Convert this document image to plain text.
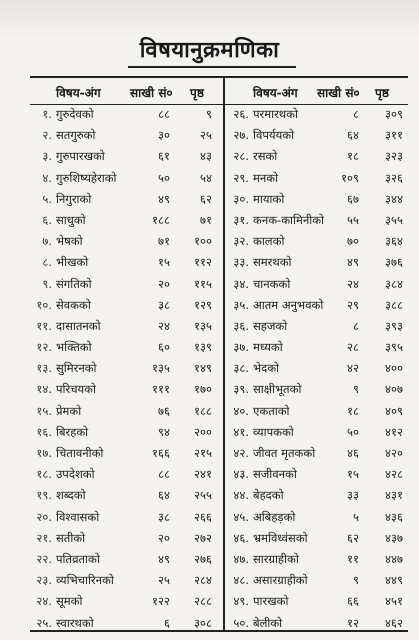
विषयानुक्रमणिका
विषय-अंग साखी सं० पृष्ठ	विषय-अंग साखी सं० पृष्ठ
१. गुरुदेवको	८८	९
२. सतगुरुको	३०	२५
३. गुरुपारखको	६१	४३
४. गुरुशिष्यहेराको	५०	५४
५. निगुराको	४९	६२
६. साधुको	१८८	७१
७. भेषको	७१	१००
८. भीखको	१५	११२
९. संगतिको	२०	११५
१०. सेवकको	३८	१२९
११. दासातनको	२४	१३५
१२. भक्तिको	६०	१३९
१३. सुमिरनको	१३५	१४९
१४. परिचयको	१११	१७०
१५. प्रेमको	७६	१८८
१६. बिरहको	९४	२००
१७. चितावनीको	१६६	२१५
१८. उपदेशको	८८	२४१
१९. शब्दको	६४	२५५
२०. विश्वासको	३८	२६६
२१. सतीको	२०	२७२
२२. पतिव्रताको	४९	२७६
२३. व्यभिचारिनको	२५	२८४
२४. सूमको	१२२	२८८
२५. स्वारथको	६	३०८
२६. परमारथको	८	३०९
२७. विपर्ययको	६४	३११
२८. रसको	१८	३२३
२९. मनको	१०९	३२६
३०. मायाको	६७	३४४
३१. कनक-कामिनीको	५५	३५५
३२. कालको	७०	३६४
३३. समरथको	४९	३७६
३४. चानकको	२४	३८४
३५. आतम अनुभवको	२९	३८८
३६. सहजको	८	३९३
३७. मध्यको	२८	३९५
३८. भेदको	४२	४००
३९. साक्षीभूतको	९	४०७
४०. एकताको	१८	४०९
४१. व्यापकको	५०	४१२
४२. जीवत मृतकको	४६	४२०
४३. सजीवनको	१५	४२८
४४. बेहदको	३३	४३१
४५. अबिहड़को	५	४३६
४६. भ्रमविध्वंसको	६२	४३७
४७. सारग्राहीको	११	४४७
४८. असारग्राहीको	९	४४९
४९. पारखको	६६	४५१
५०. बेलीको	१२	४६२
